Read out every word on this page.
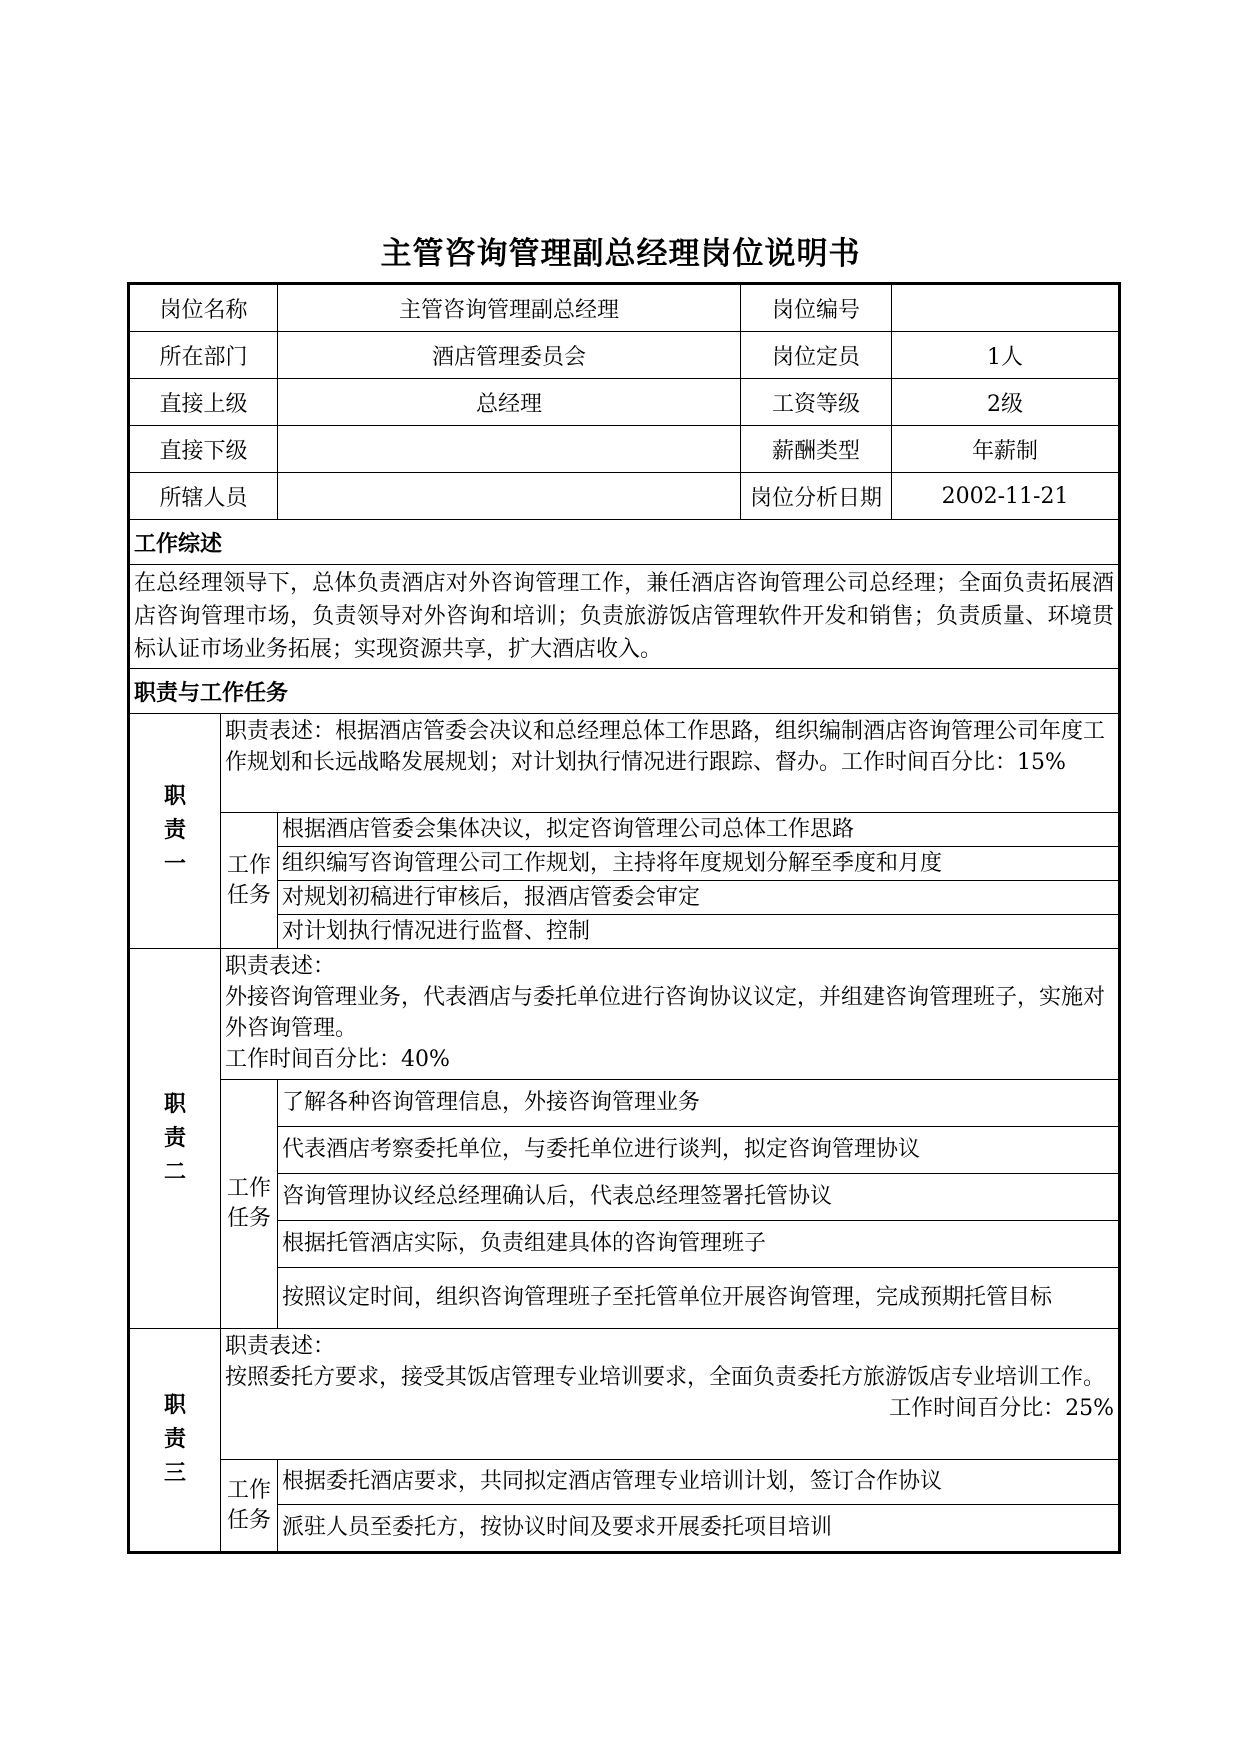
主管咨询管理副总经理岗位说明书
岗位名称	主管咨询管理副总经理		岗位编号	

所在部门	酒店管理委员会		岗位定员	1人

直接上级	总经理		工资等级	2级

直接下级			薪酬类型	年薪制

所辖人员			岗位分析日期	2002-11-21

工作综述
在总经理领导下，总体负责酒店对外咨询管理工作，兼任酒店咨询管理公司总经理；全面负责拓展酒店咨询管理市场，负责领导对外咨询和培训；负责旅游饭店管理软件开发和销售；负责质量、环境贯标认证市场业务拓展；实现资源共享，扩大酒店收入。
职责与工作任务
职
责
一	职责表述：根据酒店管委会决议和总经理总体工作思路，组织编制酒店咨询管理公司年度工作规划和长远战略发展规划；对计划执行情况进行跟踪、督办。工作时间百分比：15%
工作
任务	根据酒店管委会集体决议，拟定咨询管理公司总体工作思路
组织编写咨询管理公司工作规划，主持将年度规划分解至季度和月度
对规划初稿进行审核后，报酒店管委会审定
对计划执行情况进行监督、控制
职
责
二	
职责表述：
外接咨询管理业务，代表酒店与委托单位进行咨询协议议定，并组建咨询管理班子，实施对外咨询管理。
工作时间百分比：40%

工作
任务	了解各种咨询管理信息，外接咨询管理业务
代表酒店考察委托单位，与委托单位进行谈判，拟定咨询管理协议
咨询管理协议经总经理确认后，代表总经理签署托管协议
根据托管酒店实际，负责组建具体的咨询管理班子
按照议定时间，组织咨询管理班子至托管单位开展咨询管理，完成预期托管目标
职
责
三	
职责表述：
按照委托方要求，接受其饭店管理专业培训要求，全面负责委托方旅游饭店专业培训工作。
工作时间百分比：25%

工作
任务	根据委托酒店要求，共同拟定酒店管理专业培训计划，签订合作协议
派驻人员至委托方，按协议时间及要求开展委托项目培训
